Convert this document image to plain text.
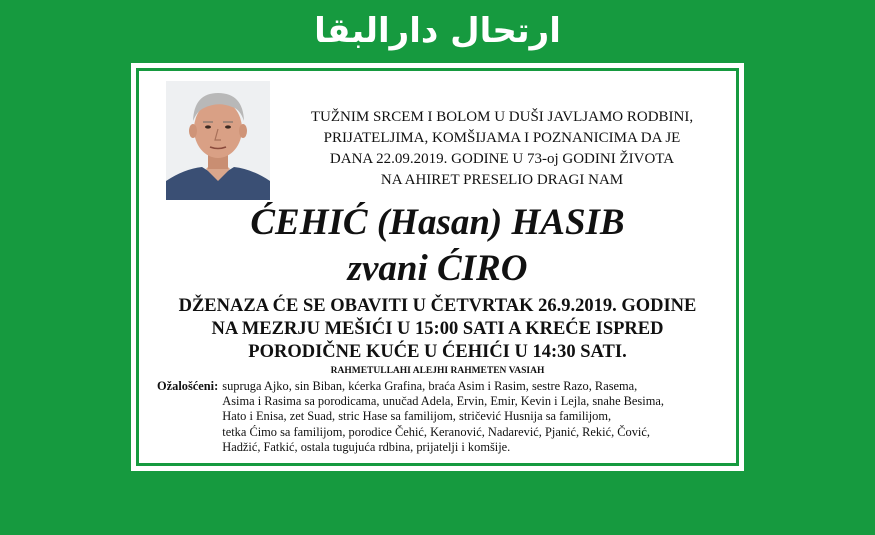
ارتحال دارالبقا
TUŽNIM SRCEM I BOLOM U DUŠI JAVLJAMO RODBINI,
PRIJATELJIMA, KOMŠIJAMA I POZNANICIMA DA JE
DANA 22.09.2019. GODINE U 73-oj GODINI ŽIVOTA
NA AHIRET PRESELIO DRAGI NAM
ĆEHIĆ (Hasan) HASIB
zvani ĆIRO
DŽENAZA ĆE SE OBAVITI U ČETVRTAK 26.9.2019. GODINE
NA MEZRJU MEŠIĆI U 15:00 SATI A KREĆE ISPRED
PORODIČNE KUĆE U ĆEHIĆI U 14:30 SATI.
RAHMETULLAHI ALEJHI RAHMETEN VASIAH
Ožalošćeni: supruga Ajko, sin Biban, kćerka Grafina, braća Asim i Rasim, sestre Razo, Rasema,
Asima i Rasima sa porodicama, unučad Adela, Ervin, Emir, Kevin i Lejla, snahe Besima,
Hato i Enisa, zet Suad, stric Hase sa familijom, stričević Husnija sa familijom,
tetka Ćimo sa familijom, porodice Čehić, Keranović, Nadarević, Pjanić, Rekić, Čović,
Hadžić, Fatkić, ostala tugujuća rdbina, prijatelji i komšije.
